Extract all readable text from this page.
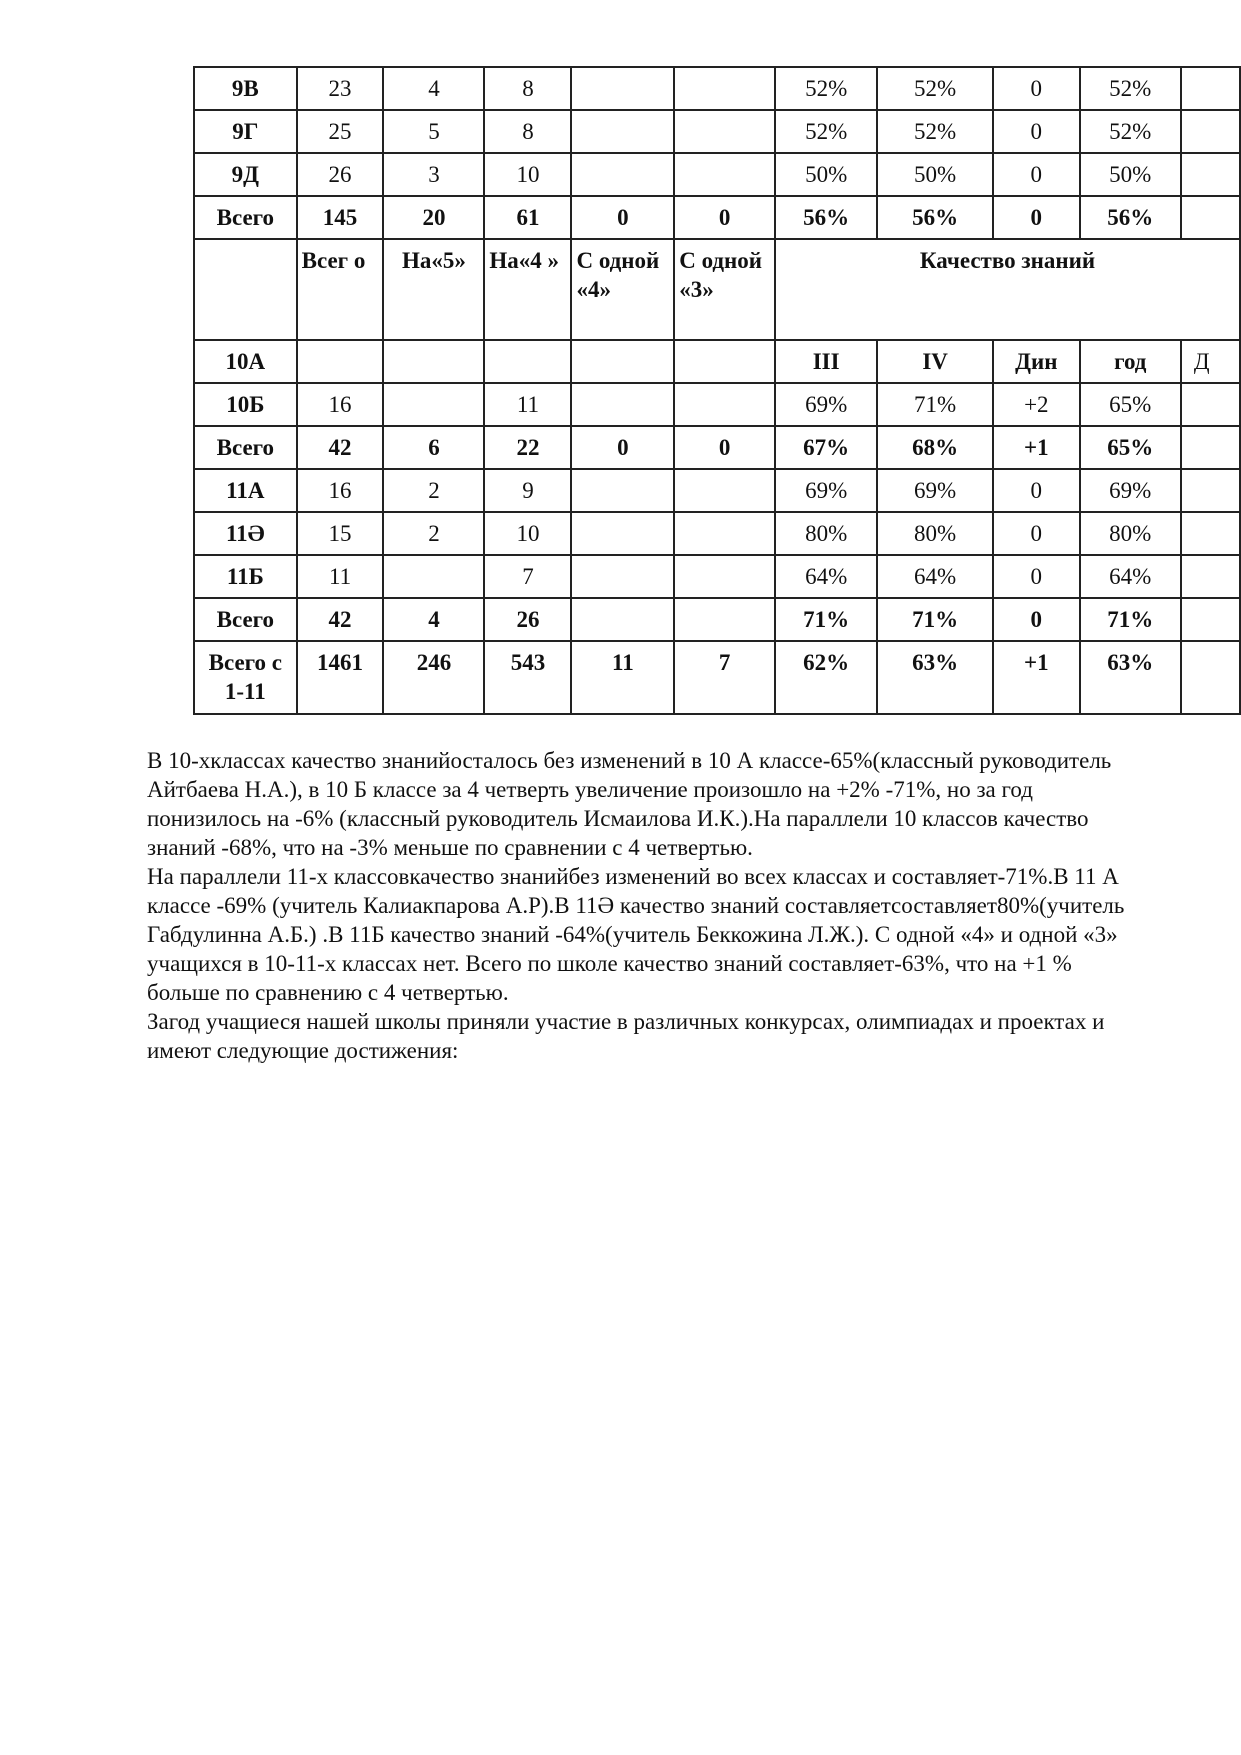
9В	23	4	8			52%	52%	0	52%	
9Г	25	5	8			52%	52%	0	52%	
9Д	26	3	10			50%	50%	0	50%	
Всего	145	20	61	0	0	56%	56%	0	56%	
	Всег о	На«5»	На«4 »	С одной «4»	С одной «3»	Качество знаний				
10А						III	IV	Дин	год	Д
10Б	16		11			69%	71%	+2	65%	
Всего	42	6	22	0	0	67%	68%	+1	65%	
11А	16	2	9			69%	69%	0	69%	
11Ә	15	2	10			80%	80%	0	80%	
11Б	11		7			64%	64%	0	64%	
Всего	42	4	26			71%	71%	0	71%	
Всего с 1-11	1461	246	543	11	7	62%	63%	+1	63%	

В 10-хклассах качество знанийосталось без изменений в 10 А классе-65%(классный руководитель Айтбаева Н.А.), в 10 Б классе за 4 четверть увеличение произошло на +2% -71%, но за год понизилось на -6% (классный руководитель Исмаилова И.К.).На параллели 10 классов качество знаний -68%, что на -3% меньше по сравнении с 4 четвертью.

На параллели 11-х классовкачество знанийбез изменений во всех классах и составляет-71%.В 11 А классе -69% (учитель Калиакпарова А.Р).В 11Ә качество знаний составляетсоставляет80%(учитель Габдулинна А.Б.) .В 11Б качество знаний -64%(учитель Беккожина Л.Ж.). С одной «4» и одной «3» учащихся в 10-11-х классах нет. Всего по школе качество знаний составляет-63%, что на +1 % больше по сравнению с 4 четвертью.

Загод учащиеся нашей школы приняли участие в различных конкурсах, олимпиадах и проектах и имеют следующие достижения:
